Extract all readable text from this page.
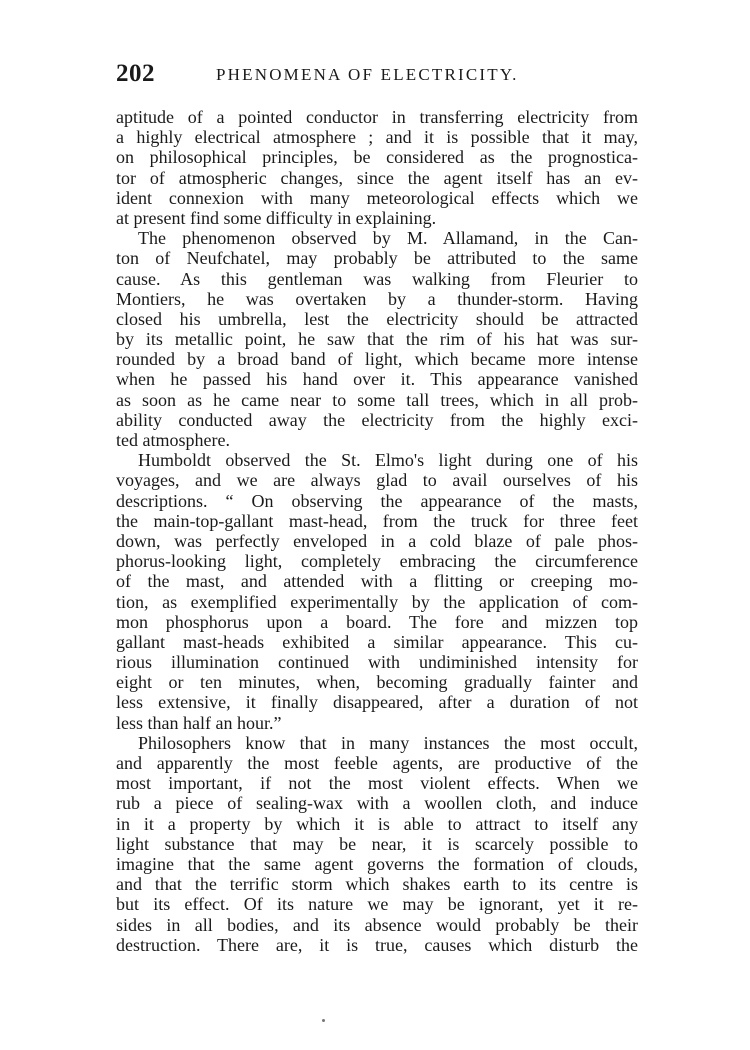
202	PHENOMENA OF ELECTRICITY.
aptitude of a pointed conductor in transferring electricity from
a highly electrical atmosphere ; and it is possible that it may,
on philosophical principles, be considered as the prognostica-
tor of atmospheric changes, since the agent itself has an ev-
ident connexion with many meteorological effects which we
at present find some difficulty in explaining.
The phenomenon observed by M. Allamand, in the Can-
ton of Neufchatel, may probably be attributed to the same
cause. As this gentleman was walking from Fleurier to
Montiers, he was overtaken by a thunder-storm. Having
closed his umbrella, lest the electricity should be attracted
by its metallic point, he saw that the rim of his hat was sur-
rounded by a broad band of light, which became more intense
when he passed his hand over it. This appearance vanished
as soon as he came near to some tall trees, which in all prob-
ability conducted away the electricity from the highly exci-
ted atmosphere.
Humboldt observed the St. Elmo's light during one of his
voyages, and we are always glad to avail ourselves of his
descriptions. “ On observing the appearance of the masts,
the main-top-gallant mast-head, from the truck for three feet
down, was perfectly enveloped in a cold blaze of pale phos-
phorus-looking light, completely embracing the circumference
of the mast, and attended with a flitting or creeping mo-
tion, as exemplified experimentally by the application of com-
mon phosphorus upon a board. The fore and mizzen top
gallant mast-heads exhibited a similar appearance. This cu-
rious illumination continued with undiminished intensity for
eight or ten minutes, when, becoming gradually fainter and
less extensive, it finally disappeared, after a duration of not
less than half an hour.”
Philosophers know that in many instances the most occult,
and apparently the most feeble agents, are productive of the
most important, if not the most violent effects. When we
rub a piece of sealing-wax with a woollen cloth, and induce
in it a property by which it is able to attract to itself any
light substance that may be near, it is scarcely possible to
imagine that the same agent governs the formation of clouds,
and that the terrific storm which shakes earth to its centre is
but its effect. Of its nature we may be ignorant, yet it re-
sides in all bodies, and its absence would probably be their
destruction. There are, it is true, causes which disturb the
